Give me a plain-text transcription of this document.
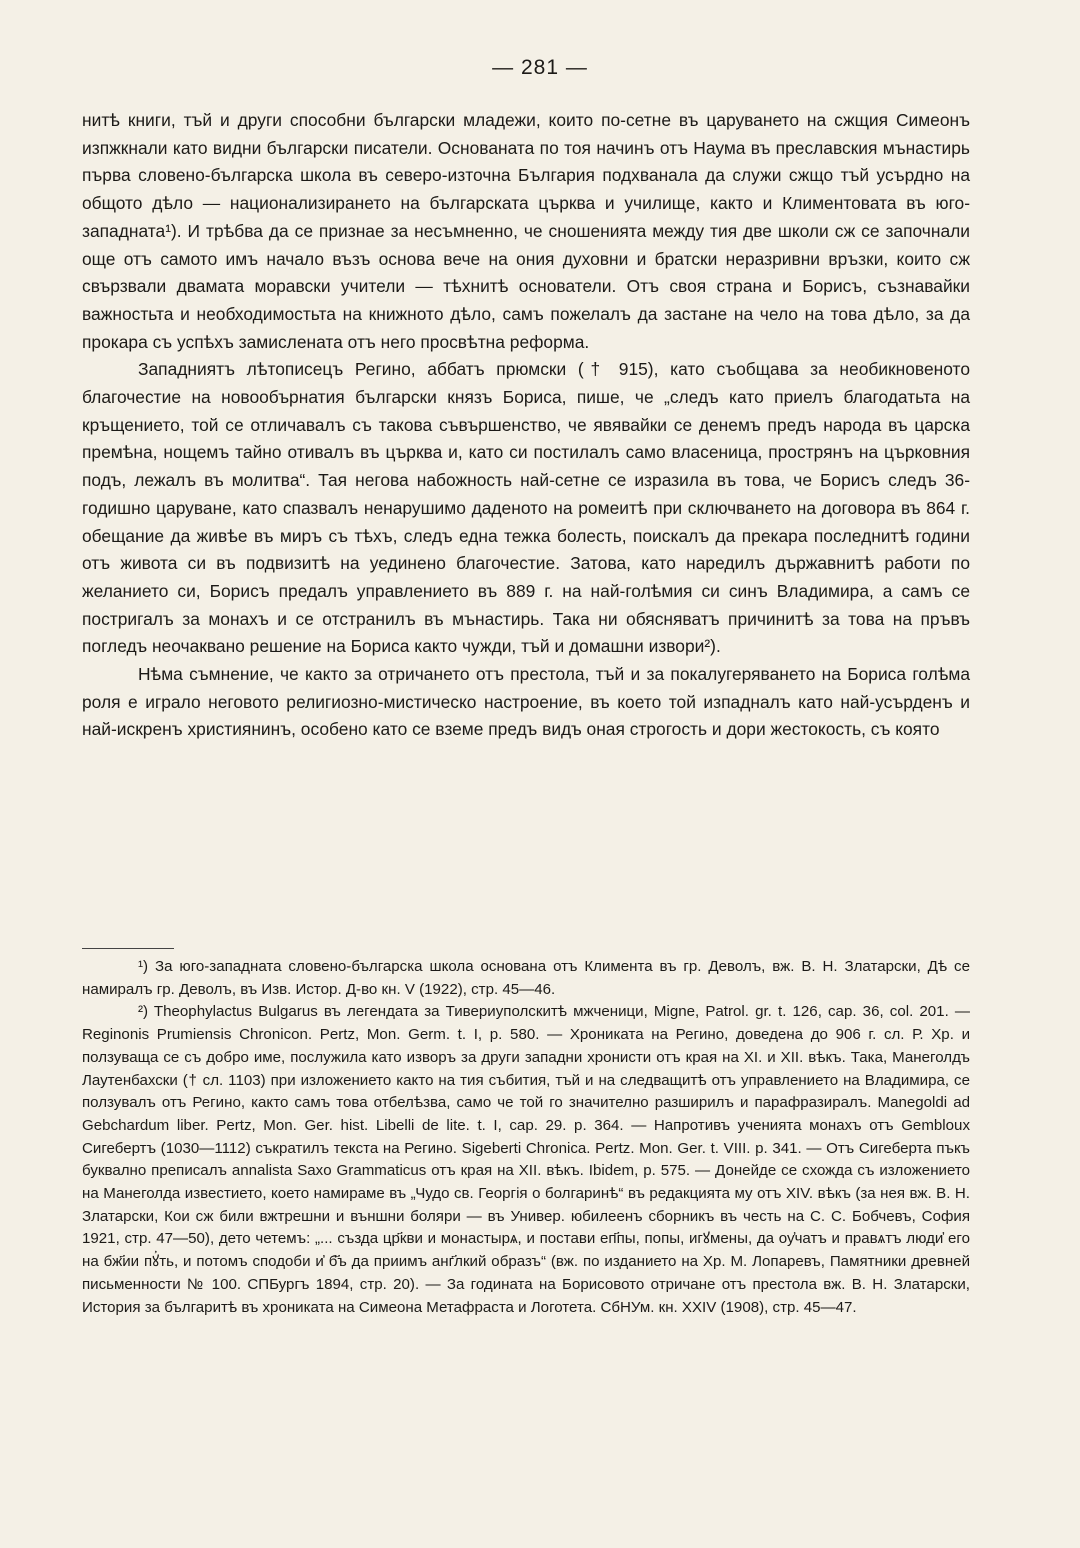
— 281 —

нитѣ книги, тъй и други способни български младежи, които по-сетне въ царуването на сжщия Симеонъ изпжкнали като видни български писатели. Основаната по тоя начинъ отъ Наума въ преславския мънастирь първа словено-българска школа въ северо-източна България подхванала да служи сжщо тъй усърдно на общото дѣло — национализирането на българската църква и училище, както и Климентовата въ юго-западната¹). И трѣбва да се признае за несъмненно, че сношенията между тия две школи сж се започнали още отъ самото имъ начало възъ основа вече на ония духовни и братски неразривни връзки, които сж свързвали двамата моравски учители — тѣхнитѣ основатели. Отъ своя страна и Борисъ, съзнавайки важностьта и необходимостьта на книжното дѣло, самъ пожелалъ да застане на чело на това дѣло, за да прокара съ успѣхъ замислената отъ него просвѣтна реформа.

Западниятъ лѣтописецъ Регино, аббатъ прюмски († 915), като съобщава за необикновеното благочестие на новообърнатия български князъ Бориса, пише, че „следъ като приелъ благодатьта на кръщението, той се отличавалъ съ такова съвършенство, че явявайки се денемъ предъ народа въ царска премѣна, нощемъ тайно отивалъ въ църква и, като си постилалъ само власеница, прострянъ на църковния подъ, лежалъ въ молитва“. Тая негова набожность най-сетне се изразила въ това, че Борисъ следъ 36-годишно царуване, като спазвалъ ненарушимо даденото на ромеитѣ при сключването на договора въ 864 г. обещание да живѣе въ миръ съ тѣхъ, следъ една тежка болесть, поискалъ да прекара последнитѣ години отъ живота си въ подвизитѣ на уединено благочестие. Затова, като наредилъ държавнитѣ работи по желанието си, Борисъ предалъ управлението въ 889 г. на най-голѣмия си синъ Владимира, а самъ се постригалъ за монахъ и се отстранилъ въ мънастирь. Така ни обясняватъ причинитѣ за това на пръвъ погледъ неочаквано решение на Бориса както чужди, тъй и домашни извори²).

Нѣма съмнение, че както за отричането отъ престола, тъй и за покалугеряването на Бориса голѣма роля е играло неговото религиозно-мистическо настроение, въ което той изпадналъ като най-усърденъ и най-искренъ християнинъ, особено като се вземе предъ видъ оная строгость и дори жестокость, съ която

¹) За юго-западната словено-българска школа основана отъ Климента въ гр. Деволъ, вж. В. Н. Златарски, Дѣ се намиралъ гр. Деволъ, въ Изв. Истор. Д-во кн. V (1922), стр. 45—46.

²) Theophylactus Bulgarus въ легендата за Тивериуполскитѣ мжченици, Migne, Patrol. gr. t. 126, cap. 36, col. 201. — Reginonis Prumiensis Chronicon. Pertz, Mon. Germ. t. I, p. 580. — Хрониката на Регино, доведена до 906 г. сл. Р. Хр. и ползуваща се съ добро име, послужила като изворъ за други западни хронисти отъ края на XI. и XII. вѣкъ. Така, Манеголдъ Лаутенбахски († сл. 1103) при изложението както на тия събития, тъй и на следващитѣ отъ управлението на Владимира, се ползувалъ отъ Регино, както самъ това отбелѣзва, само че той го значително разширилъ и парафразиралъ. Manegoldi ad Gebchardum liber. Pertz, Mon. Ger. hist. Libelli de lite. t. I, cap. 29. p. 364. — Напротивъ ученията монахъ отъ Gembloux Сигебертъ (1030—1112) съкратилъ текста на Регино. Sigeberti Chronica. Pertz. Mon. Ger. t. VIII. p. 341. — Отъ Сигеберта пъкъ буквално преписалъ annalista Saxo Grammaticus отъ края на XII. вѣкъ. Ibidem, p. 575. — Донейде се схожда съ изложението на Манеголда известието, което намираме въ „Чудо св. Георгія о болгаринѣ“ въ редакцията му отъ XIV. вѣкъ (за нея вж. В. Н. Златарски, Кои сж били вжтрешни и външни боляри — въ Универ. юбилеенъ сборникъ въ честь на С. С. Бобчевъ, София 1921, стр. 47—50), дето четемъ: „... създа цр҃кви и монастырѧ, и постави еп҃пы, попы, игꙋмены, да оу҆чатъ и правѧтъ люди҆ его на бж҃ии пꙋ҆ть, и потомъ сподоби и҆ б҃ъ да приимъ анг҃лкий образъ“ (вж. по изданието на Хр. М. Лопаревъ, Памятники древней письменности № 100. СПБургъ 1894, стр. 20). — За годината на Борисовото отричане отъ престола вж. В. Н. Златарски, История за българитѣ въ хрониката на Симеона Метафраста и Логотета. СбНУм. кн. XXIV (1908), стр. 45—47.
